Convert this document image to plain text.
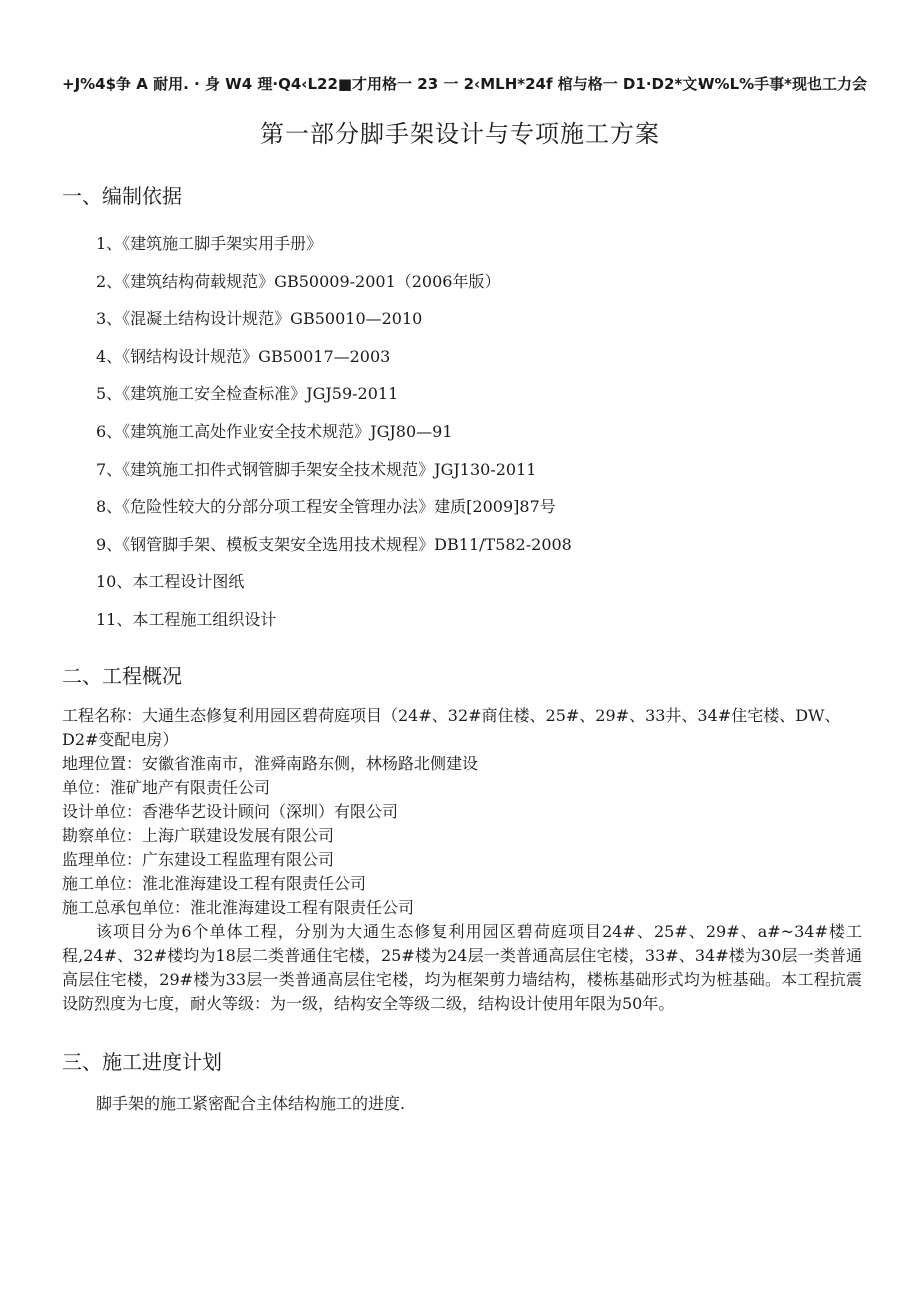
+J%4$争 A 耐用. · 身 W4 理·Q4‹L22■才用格一 23 一 2‹MLH*24f 棺与格一 D1·D2*文·
W%L%手事*现也工力会
第一部分脚手架设计与专项施工方案
一、编制依据
1、《建筑施工脚手架实用手册》
2、《建筑结构荷载规范》GB50009-2001（2006年版）
3、《混凝土结构设计规范》GB50010—2010
4、《钢结构设计规范》GB50017—2003
5、《建筑施工安全检查标准》JGJ59-2011
6、《建筑施工高处作业安全技术规范》JGJ80—91
7、《建筑施工扣件式钢管脚手架安全技术规范》JGJ130-2011
8、《危险性较大的分部分项工程安全管理办法》建质[2009]87号
9、《钢管脚手架、模板支架安全选用技术规程》DB11/T582-2008
10、本工程设计图纸
11、本工程施工组织设计
二、工程概况
工程名称：大通生态修复利用园区碧荷庭项目（24#、32#商住楼、25#、29#、33井、34#住宅楼、DW、D2#变配电房）
地理位置：安徽省淮南市，淮舜南路东侧，林杨路北侧建设
单位：淮矿地产有限责任公司
设计单位：香港华艺设计顾问（深圳）有限公司
勘察单位：上海广联建设发展有限公司
监理单位：广东建设工程监理有限公司
施工单位：淮北淮海建设工程有限责任公司
施工总承包单位：淮北淮海建设工程有限责任公司
该项目分为6个单体工程，分别为大通生态修复利用园区碧荷庭项目24#、25#、29#、a#~34#楼工程,24#、32#楼均为18层二类普通住宅楼，25#楼为24层一类普通高层住宅楼，33#、34#楼为30层一类普通高层住宅楼，29#楼为33层一类普通高层住宅楼，均为框架剪力墙结构，楼栋基础形式均为桩基础。本工程抗震设防烈度为七度，耐火等级：为一级，结构安全等级二级，结构设计使用年限为50年。
三、施工进度计划
脚手架的施工紧密配合主体结构施工的进度.
